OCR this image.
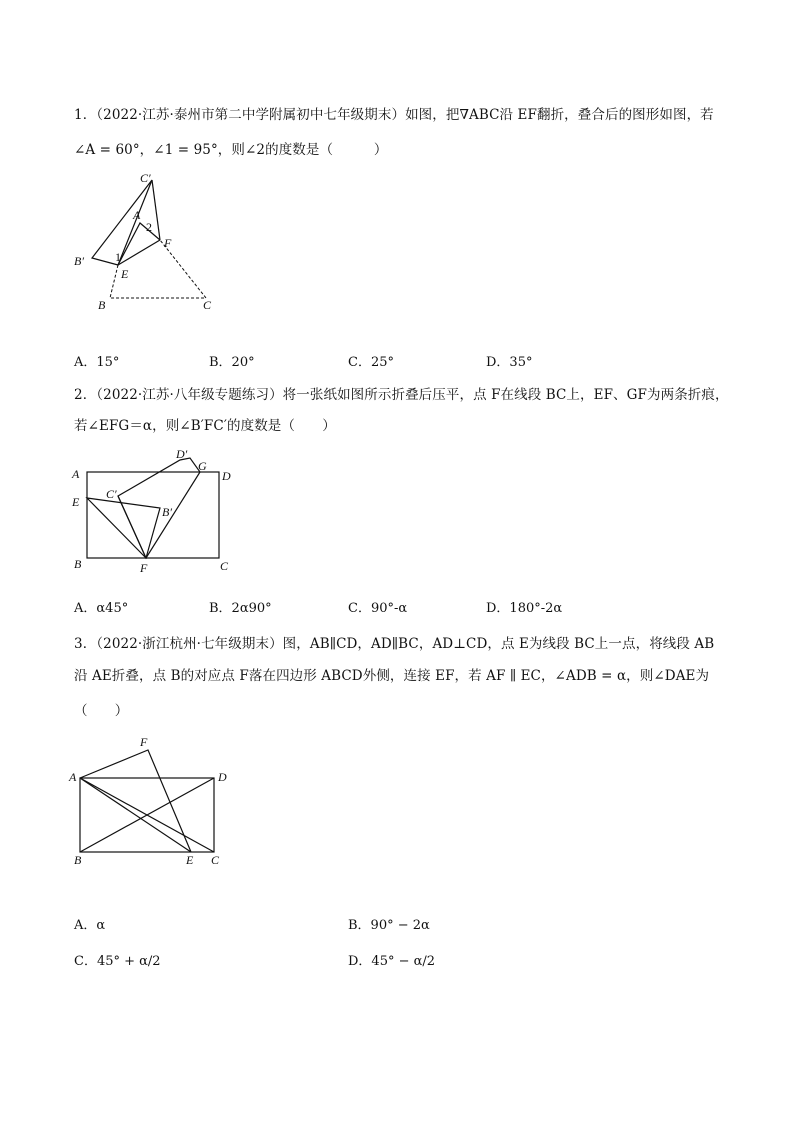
1．（2022·江苏·泰州市第二中学附属初中七年级期末）如图，把∇ABC沿 EF翻折，叠合后的图形如图，若
∠A = 60°，∠1 = 95°，则∠2的度数是（　　　）
C′
A
2
F
B′	1
E
B	C
A．15°	B．20°	C．25°	D．35°
2．（2022·江苏·八年级专题练习）将一张纸如图所示折叠后压平，点 F在线段 BC上，EF、GF为两条折痕，
若∠EFG＝α，则∠B′FC′的度数是（　　）
A
D′
G
D
C′
E
B′
B	F	C
A．α45°	B．2α90°	C．90°-α	D．180°-2α
3．（2022·浙江杭州·七年级期末）图，AB∥CD，AD∥BC，AD⊥CD，点 E为线段 BC上一点，将线段 AB
沿 AE折叠，点 B的对应点 F落在四边形 ABCD外侧，连接 EF，若 AF ∥ EC，∠ADB = α，则∠DAE为
（　　）
F
A	D
B	E C
A．α	B．90° − 2α
C．45° + α/2	D．45° − α/2
